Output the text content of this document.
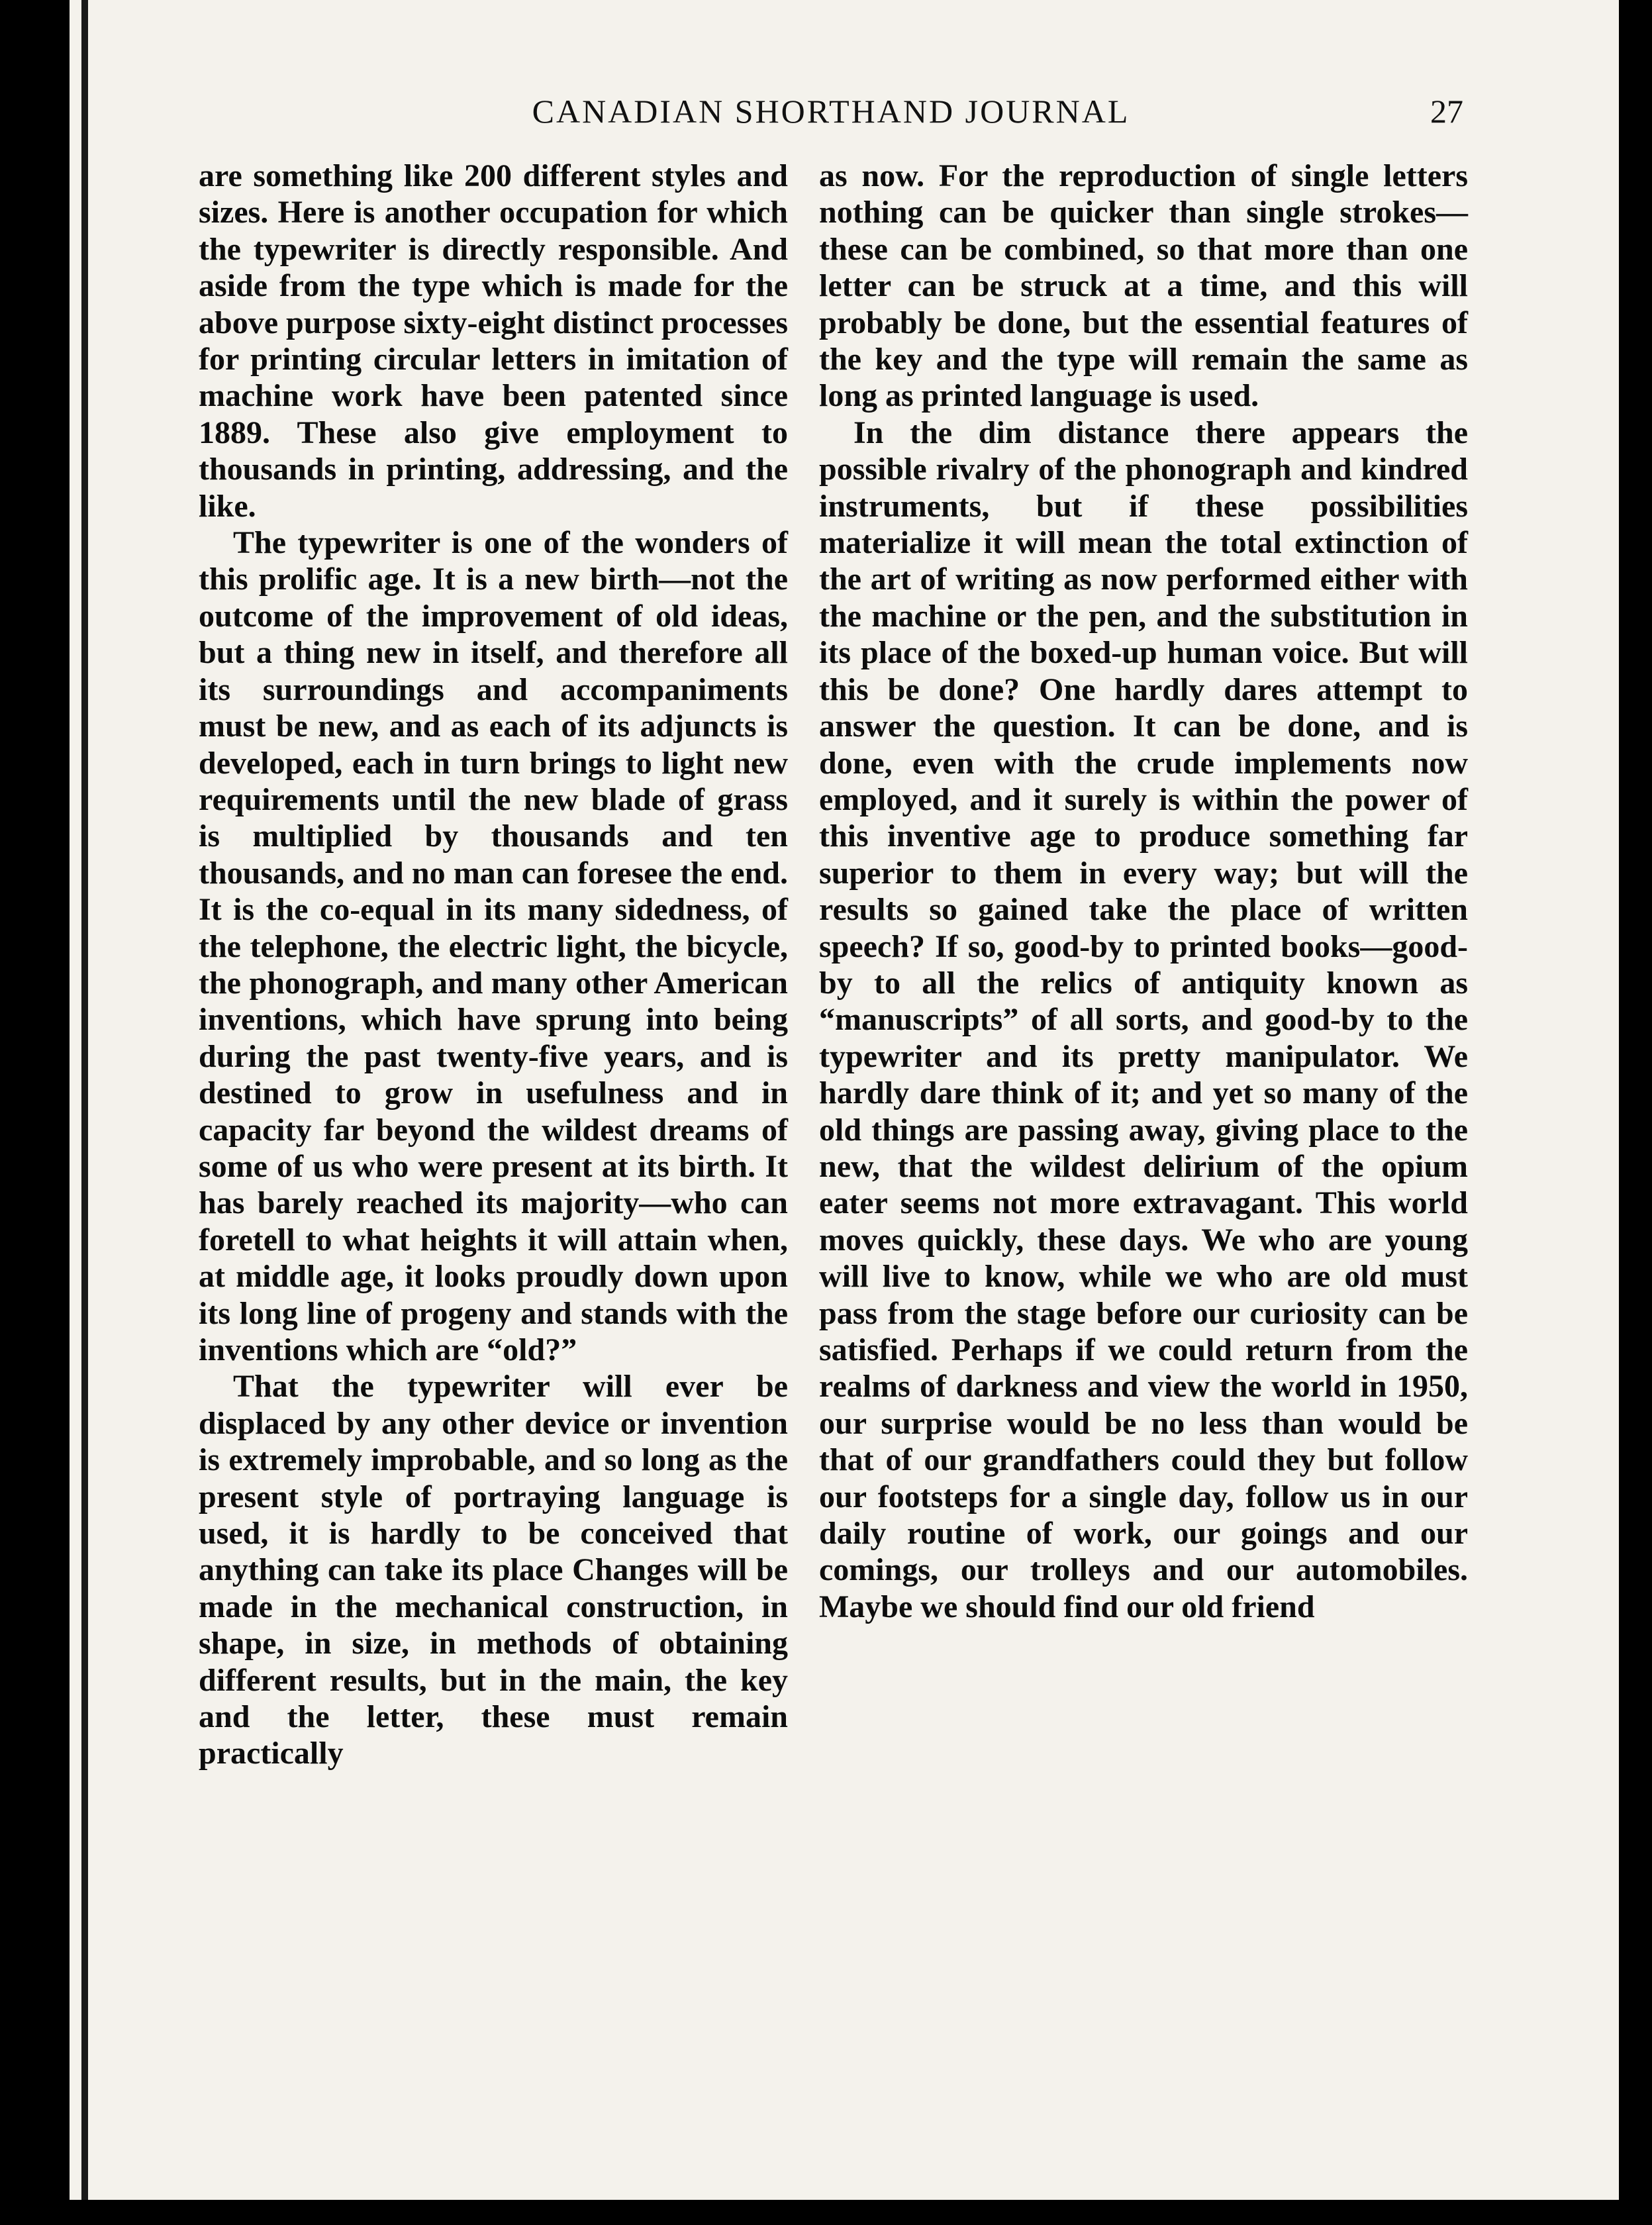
CANADIAN SHORTHAND JOURNAL	27

are something like 200 different styles and sizes. Here is another occupation for which the typewriter is directly responsible. And aside from the type which is made for the above purpose sixty-eight distinct processes for printing circular letters in imitation of machine work have been patented since 1889. These also give employment to thousands in printing, addressing, and the like.

The typewriter is one of the wonders of this prolific age. It is a new birth—not the outcome of the improvement of old ideas, but a thing new in itself, and therefore all its surroundings and accompaniments must be new, and as each of its adjuncts is developed, each in turn brings to light new requirements until the new blade of grass is multiplied by thousands and ten thousands, and no man can foresee the end. It is the co-equal in its many sidedness, of the telephone, the electric light, the bicycle, the phonograph, and many other American inventions, which have sprung into being during the past twenty-five years, and is destined to grow in usefulness and in capacity far beyond the wildest dreams of some of us who were present at its birth. It has barely reached its majority—who can foretell to what heights it will attain when, at middle age, it looks proudly down upon its long line of progeny and stands with the inventions which are “old?”

That the typewriter will ever be displaced by any other device or invention is extremely improbable, and so long as the present style of portraying language is used, it is hardly to be conceived that anything can take its place Changes will be made in the mechanical construction, in shape, in size, in methods of obtaining different results, but in the main, the key and the letter, these must remain practically

as now. For the reproduction of single letters nothing can be quicker than single strokes—these can be combined, so that more than one letter can be struck at a time, and this will probably be done, but the essential features of the key and the type will remain the same as long as printed language is used.

In the dim distance there appears the possible rivalry of the phonograph and kindred instruments, but if these possibilities materialize it will mean the total extinction of the art of writing as now performed either with the machine or the pen, and the substitution in its place of the boxed-up human voice. But will this be done? One hardly dares attempt to answer the question. It can be done, and is done, even with the crude implements now employed, and it surely is within the power of this inventive age to produce something far superior to them in every way; but will the results so gained take the place of written speech? If so, good-by to printed books—good-by to all the relics of antiquity known as “manuscripts” of all sorts, and good-by to the typewriter and its pretty manipulator. We hardly dare think of it; and yet so many of the old things are passing away, giving place to the new, that the wildest delirium of the opium eater seems not more extravagant. This world moves quickly, these days. We who are young will live to know, while we who are old must pass from the stage before our curiosity can be satisfied. Perhaps if we could return from the realms of darkness and view the world in 1950, our surprise would be no less than would be that of our grandfathers could they but follow our footsteps for a single day, follow us in our daily routine of work, our goings and our comings, our trolleys and our automobiles. Maybe we should find our old friend
